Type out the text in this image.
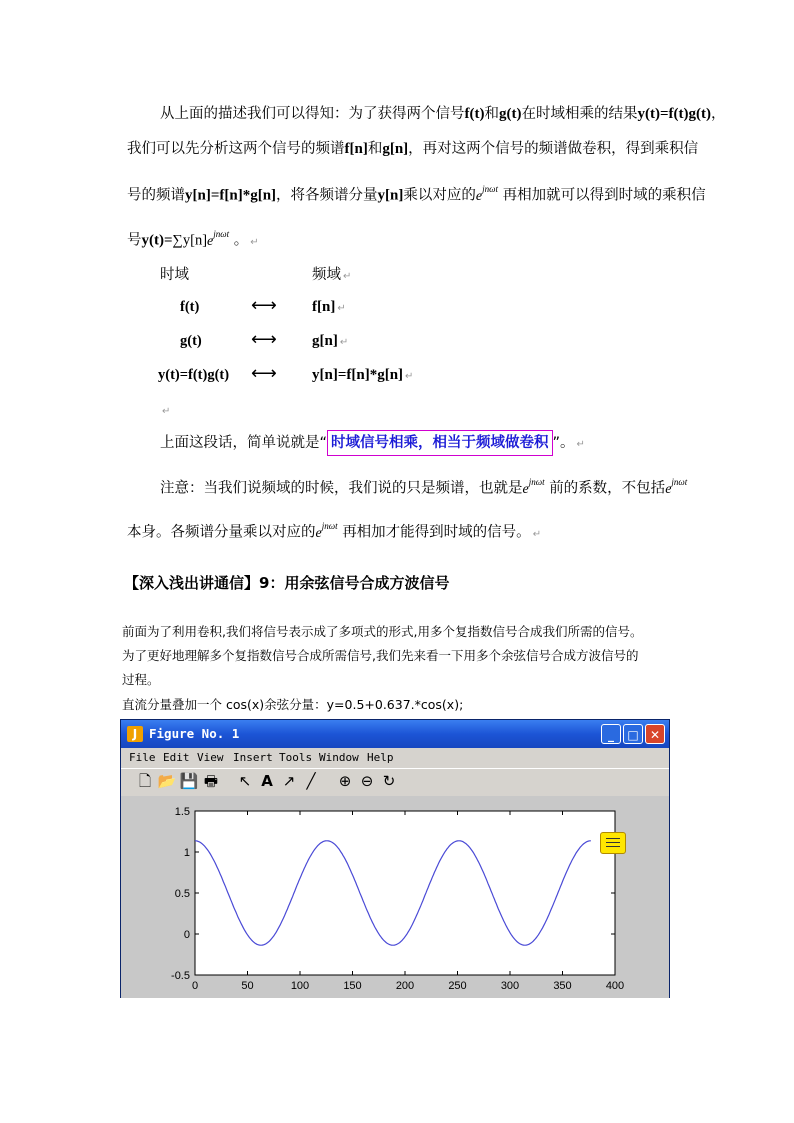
从上面的描述我们可以得知：为了获得两个信号f(t)和g(t)在时域相乘的结果y(t)=f(t)g(t)，
我们可以先分析这两个信号的频谱f[n]和g[n]，再对这两个信号的频谱做卷积，得到乘积信
号的频谱y[n]=f[n]*g[n]，将各频谱分量y[n]乘以对应的$e^{jn\omega t}$ 再相加就可以得到时域的乘积信
号$y(t)=\sum y[n]e^{jn\omega t}$ 。 ↵
时域	频域 ↵
f(t)	⟷ f[n] ↵
g(t)	⟷ g[n] ↵
y(t)=f(t)g(t) ⟷ y[n]=f[n]*g[n] ↵
↵
上面这段话，简单说就是“ 时域信号相乘，相当于频域做卷积 ”。 ↵
注意：当我们说频域的时候，我们说的只是频谱，也就是$e^{jn\omega t}$ 前的系数，不包括$e^{jn\omega t}$
本身。各频谱分量乘以对应的$e^{jn\omega t}$ 再相加才能得到时域的信号。 ↵
【深入浅出讲通信】9：用余弦信号合成方波信号
前面为了利用卷积,我们将信号表示成了多项式的形式,用多个复指数信号合成我们所需的信号。
为了更好地理解多个复指数信号合成所需信号,我们先来看一下用多个余弦信号合成方波信号的
过程。
直流分量叠加一个 cos(x)余弦分量：y=0.5+0.637.*cos(x);
J Figure No. 1	_	□ ✕
File Edit View Insert Tools Window Help
🗋 📂 💾 🖶 ↖ A ↗ ╱	⊕ ⊖ ↻
0	50	100	150	200	250	300	350	400
-0.5
0
0.5
1
1.5
